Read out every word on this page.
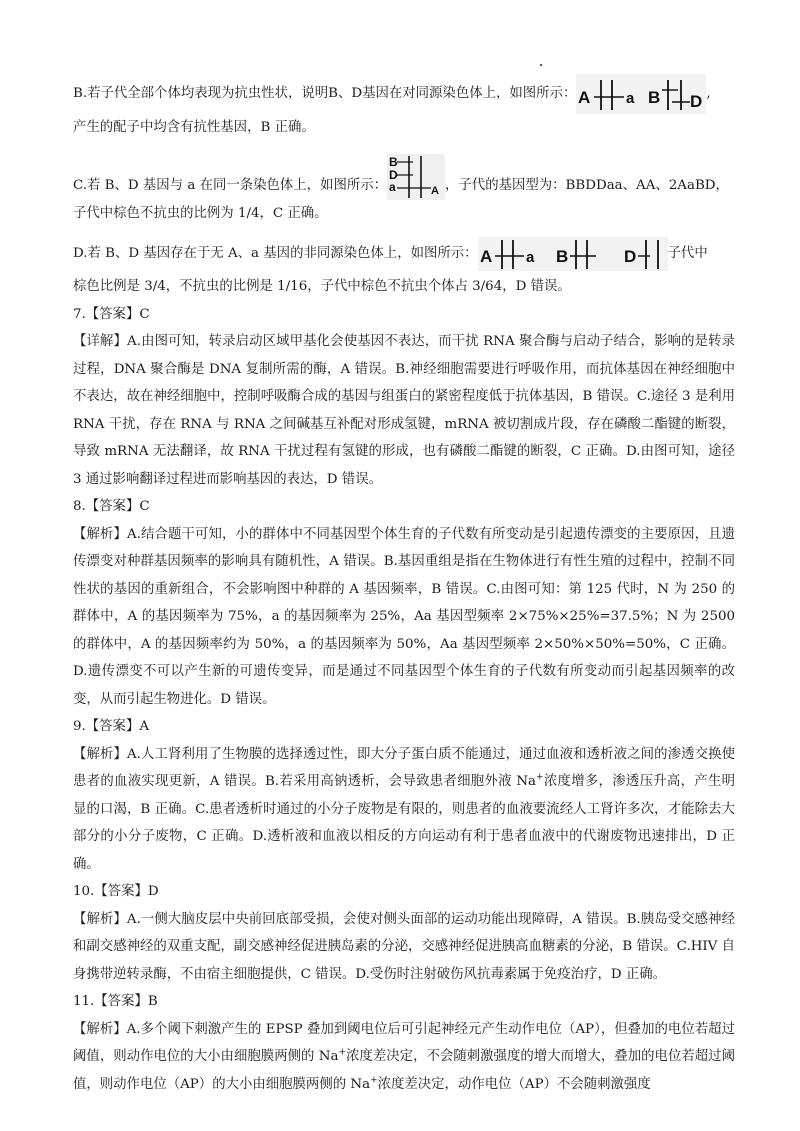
B.若子代全部个体均表现为抗虫性状，说明B、D基因在对同源染色体上，如图所示： A a B D ,

产生的配子中均含有抗性基因，B 正确。

C.若 B、D 基因与 a 在同一条染色体上，如图所示：
B
D
a	A ，子代的基因型为：BBDDaa、AA、2AaBD，

子代中棕色不抗虫的比例为 1/4，C 正确。

D.若 B、D 基因存在于无 A、a 基因的非同源染色体上，如图所示： A a B	D 子代中

棕色比例是 3/4，不抗虫的比例是 1/16，子代中棕色不抗虫个体占 3/64，D 错误。

7.【答案】C

【详解】A.由图可知，转录启动区域甲基化会使基因不表达，而干扰 RNA 聚合酶与启动子结合，影响的是转录过程，DNA 聚合酶是 DNA 复制所需的酶，A 错误。B.神经细胞需要进行呼吸作用，而抗体基因在神经细胞中不表达，故在神经细胞中，控制呼吸酶合成的基因与组蛋白的紧密程度低于抗体基因，B 错误。C.途径 3 是利用 RNA 干扰，存在 RNA 与 RNA 之间碱基互补配对形成氢键，mRNA 被切割成片段，存在磷酸二酯键的断裂，导致 mRNA 无法翻译，故 RNA 干扰过程有氢键的形成，也有磷酸二酯键的断裂，C 正确。D.由图可知，途径 3 通过影响翻译过程进而影响基因的表达，D 错误。

8.【答案】C

【解析】A.结合题干可知，小的群体中不同基因型个体生育的子代数有所变动是引起遗传漂变的主要原因，且遗传漂变对种群基因频率的影响具有随机性，A 错误。B.基因重组是指在生物体进行有性生殖的过程中，控制不同性状的基因的重新组合，不会影响图中种群的 A 基因频率，B 错误。C.由图可知：第 125 代时，N 为 250 的群体中，A 的基因频率为 75%，a 的基因频率为 25%，Aa 基因型频率 2×75%×25%=37.5%；N 为 2500 的群体中，A 的基因频率约为 50%，a 的基因频率为 50%，Aa 基因型频率 2×50%×50%=50%，C 正确。D.遗传漂变不可以产生新的可遗传变异，而是通过不同基因型个体生育的子代数有所变动而引起基因频率的改变，从而引起生物进化。D 错误。

9.【答案】A

【解析】A.人工肾利用了生物膜的选择透过性，即大分子蛋白质不能通过，通过血液和透析液之间的渗透交换使患者的血液实现更新，A 错误。B.若采用高钠透析，会导致患者细胞外液 Na+浓度增多，渗透压升高，产生明显的口渴，B 正确。C.患者透析时通过的小分子废物是有限的，则患者的血液要流经人工肾许多次，才能除去大部分的小分子废物，C 正确。D.透析液和血液以相反的方向运动有利于患者血液中的代谢废物迅速排出，D 正确。

10.【答案】D

【解析】A.一侧大脑皮层中央前回底部受损，会使对侧头面部的运动功能出现障碍，A 错误。B.胰岛受交感神经和副交感神经的双重支配，副交感神经促进胰岛素的分泌，交感神经促进胰高血糖素的分泌，B 错误。C.HIV 自身携带逆转录酶，不由宿主细胞提供，C 错误。D.受伤时注射破伤风抗毒素属于免疫治疗，D 正确。

11.【答案】B

【解析】A.多个阈下刺激产生的 EPSP 叠加到阈电位后可引起神经元产生动作电位（AP），但叠加的电位若超过阈值，则动作电位的大小由细胞膜两侧的 Na+浓度差决定，不会随刺激强度的增大而增大，叠加的电位若超过阈值，则动作电位（AP）的大小由细胞膜两侧的 Na+浓度差决定，动作电位（AP）不会随刺激强度
